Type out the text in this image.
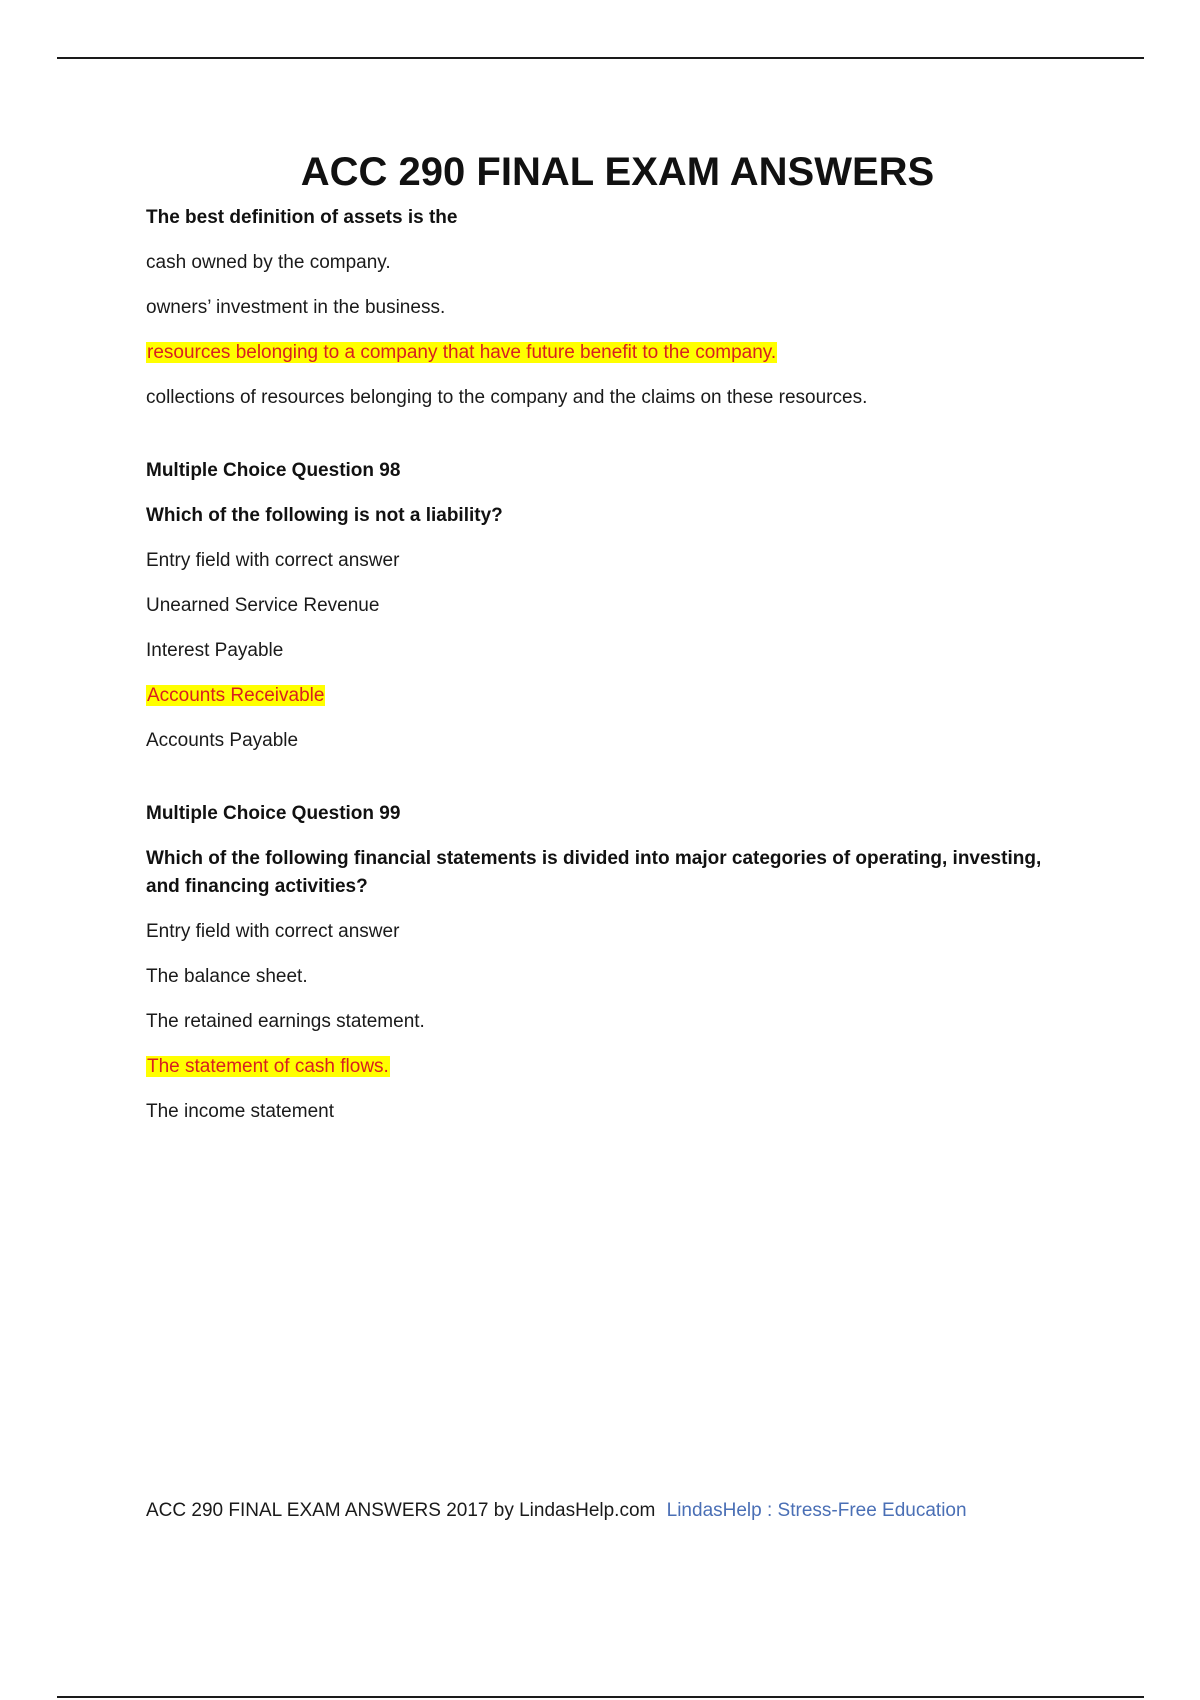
ACC 290 FINAL EXAM ANSWERS
The best definition of assets is the
cash owned by the company.
owners’ investment in the business.
resources belonging to a company that have future benefit to the company.
collections of resources belonging to the company and the claims on these resources.
Multiple Choice Question 98
Which of the following is not a liability?
Entry field with correct answer
Unearned Service Revenue
Interest Payable
Accounts Receivable
Accounts Payable
Multiple Choice Question 99
Which of the following financial statements is divided into major categories of operating, investing, and financing activities?
Entry field with correct answer
The balance sheet.
The retained earnings statement.
The statement of cash flows.
The income statement
ACC 290 FINAL EXAM ANSWERS 2017 by LindasHelp.com LindasHelp : Stress-Free Education
